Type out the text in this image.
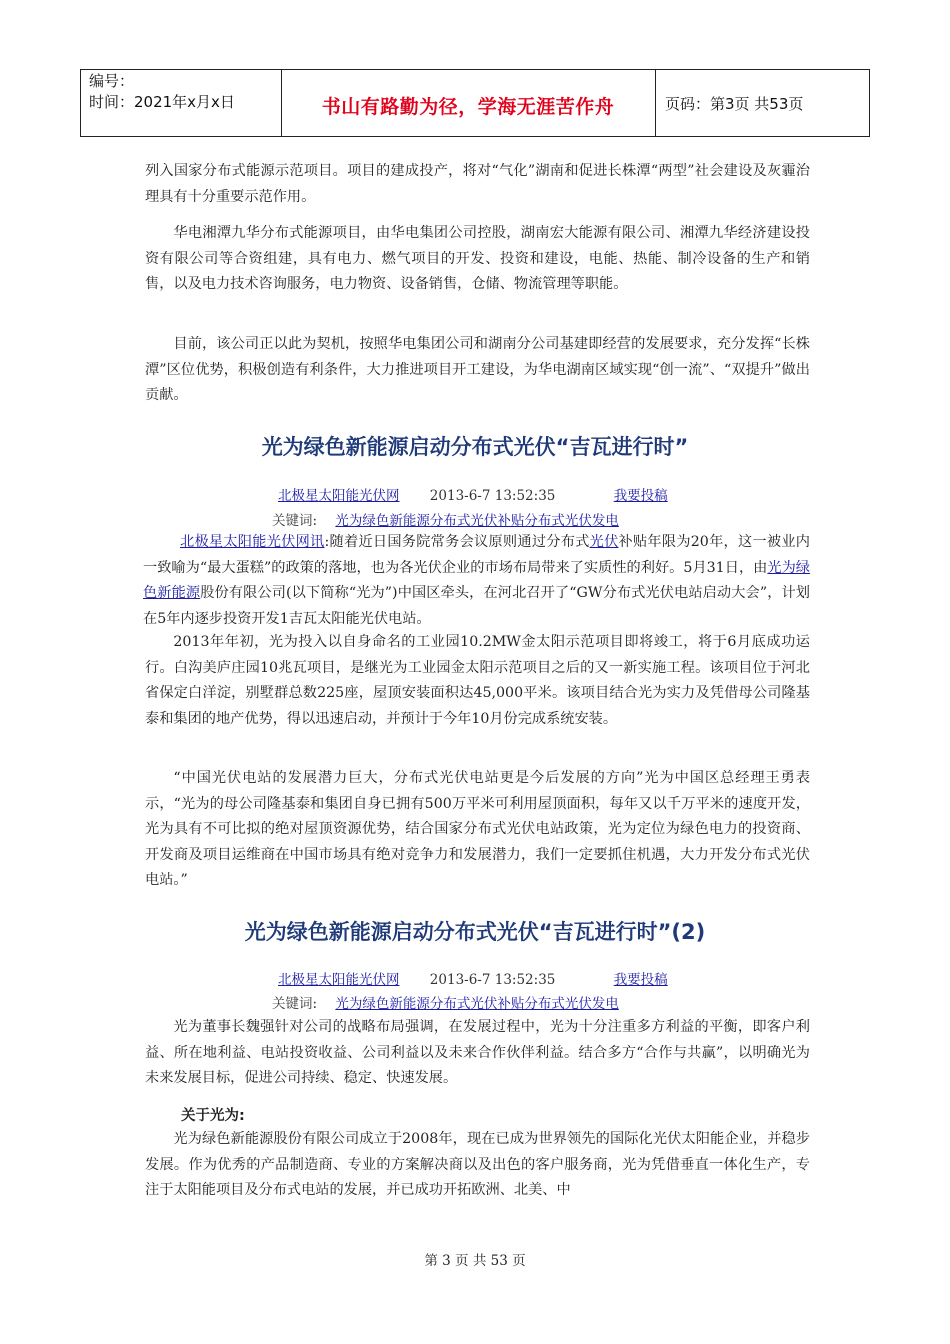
编号：
时间：2021年x月x日	书山有路勤为径，学海无涯苦作舟	页码：第3页 共53页

列入国家分布式能源示范项目。项目的建成投产，将对“气化”湖南和促进长株潭“两型”社会建设及灰霾治理具有十分重要示范作用。

华电湘潭九华分布式能源项目，由华电集团公司控股，湖南宏大能源有限公司、湘潭九华经济建设投资有限公司等合资组建，具有电力、燃气项目的开发、投资和建设，电能、热能、制冷设备的生产和销售，以及电力技术咨询服务，电力物资、设备销售，仓储、物流管理等职能。

目前，该公司正以此为契机，按照华电集团公司和湖南分公司基建即经营的发展要求，充分发挥“长株潭”区位优势，积极创造有利条件，大力推进项目开工建设，为华电湖南区域实现“创一流”、“双提升”做出贡献。

光为绿色新能源启动分布式光伏“吉瓦进行时”
北极星太阳能光伏网 2013-6-7 13:52:35	我要投稿
关键词: 光为绿色新能源分布式光伏补贴分布式光伏发电

北极星太阳能光伏网讯:随着近日国务院常务会议原则通过分布式光伏补贴年限为20年，这一被业内一致喻为“最大蛋糕”的政策的落地，也为各光伏企业的市场布局带来了实质性的利好。5月31日，由光为绿色新能源股份有限公司(以下简称“光为”)中国区牵头，在河北召开了“GW分布式光伏电站启动大会”，计划在5年内逐步投资开发1吉瓦太阳能光伏电站。

2013年年初，光为投入以自身命名的工业园10.2MW金太阳示范项目即将竣工，将于6月底成功运行。白沟美庐庄园10兆瓦项目，是继光为工业园金太阳示范项目之后的又一新实施工程。该项目位于河北省保定白洋淀，别墅群总数225座，屋顶安装面积达45,000平米。该项目结合光为实力及凭借母公司隆基泰和集团的地产优势，得以迅速启动，并预计于今年10月份完成系统安装。

“中国光伏电站的发展潜力巨大，分布式光伏电站更是今后发展的方向”光为中国区总经理王勇表示，“光为的母公司隆基泰和集团自身已拥有500万平米可利用屋顶面积，每年又以千万平米的速度开发，光为具有不可比拟的绝对屋顶资源优势，结合国家分布式光伏电站政策，光为定位为绿色电力的投资商、开发商及项目运维商在中国市场具有绝对竞争力和发展潜力，我们一定要抓住机遇，大力开发分布式光伏电站。”

光为绿色新能源启动分布式光伏“吉瓦进行时”(2)
北极星太阳能光伏网 2013-6-7 13:52:35	我要投稿
关键词: 光为绿色新能源分布式光伏补贴分布式光伏发电

光为董事长魏强针对公司的战略布局强调，在发展过程中，光为十分注重多方利益的平衡，即客户利益、所在地利益、电站投资收益、公司利益以及未来合作伙伴利益。结合多方“合作与共赢”，以明确光为未来发展目标，促进公司持续、稳定、快速发展。

关于光为:

光为绿色新能源股份有限公司成立于2008年，现在已成为世界领先的国际化光伏太阳能企业，并稳步发展。作为优秀的产品制造商、专业的方案解决商以及出色的客户服务商，光为凭借垂直一体化生产，专注于太阳能项目及分布式电站的发展，并已成功开拓欧洲、北美、中

第 3 页 共 53 页
